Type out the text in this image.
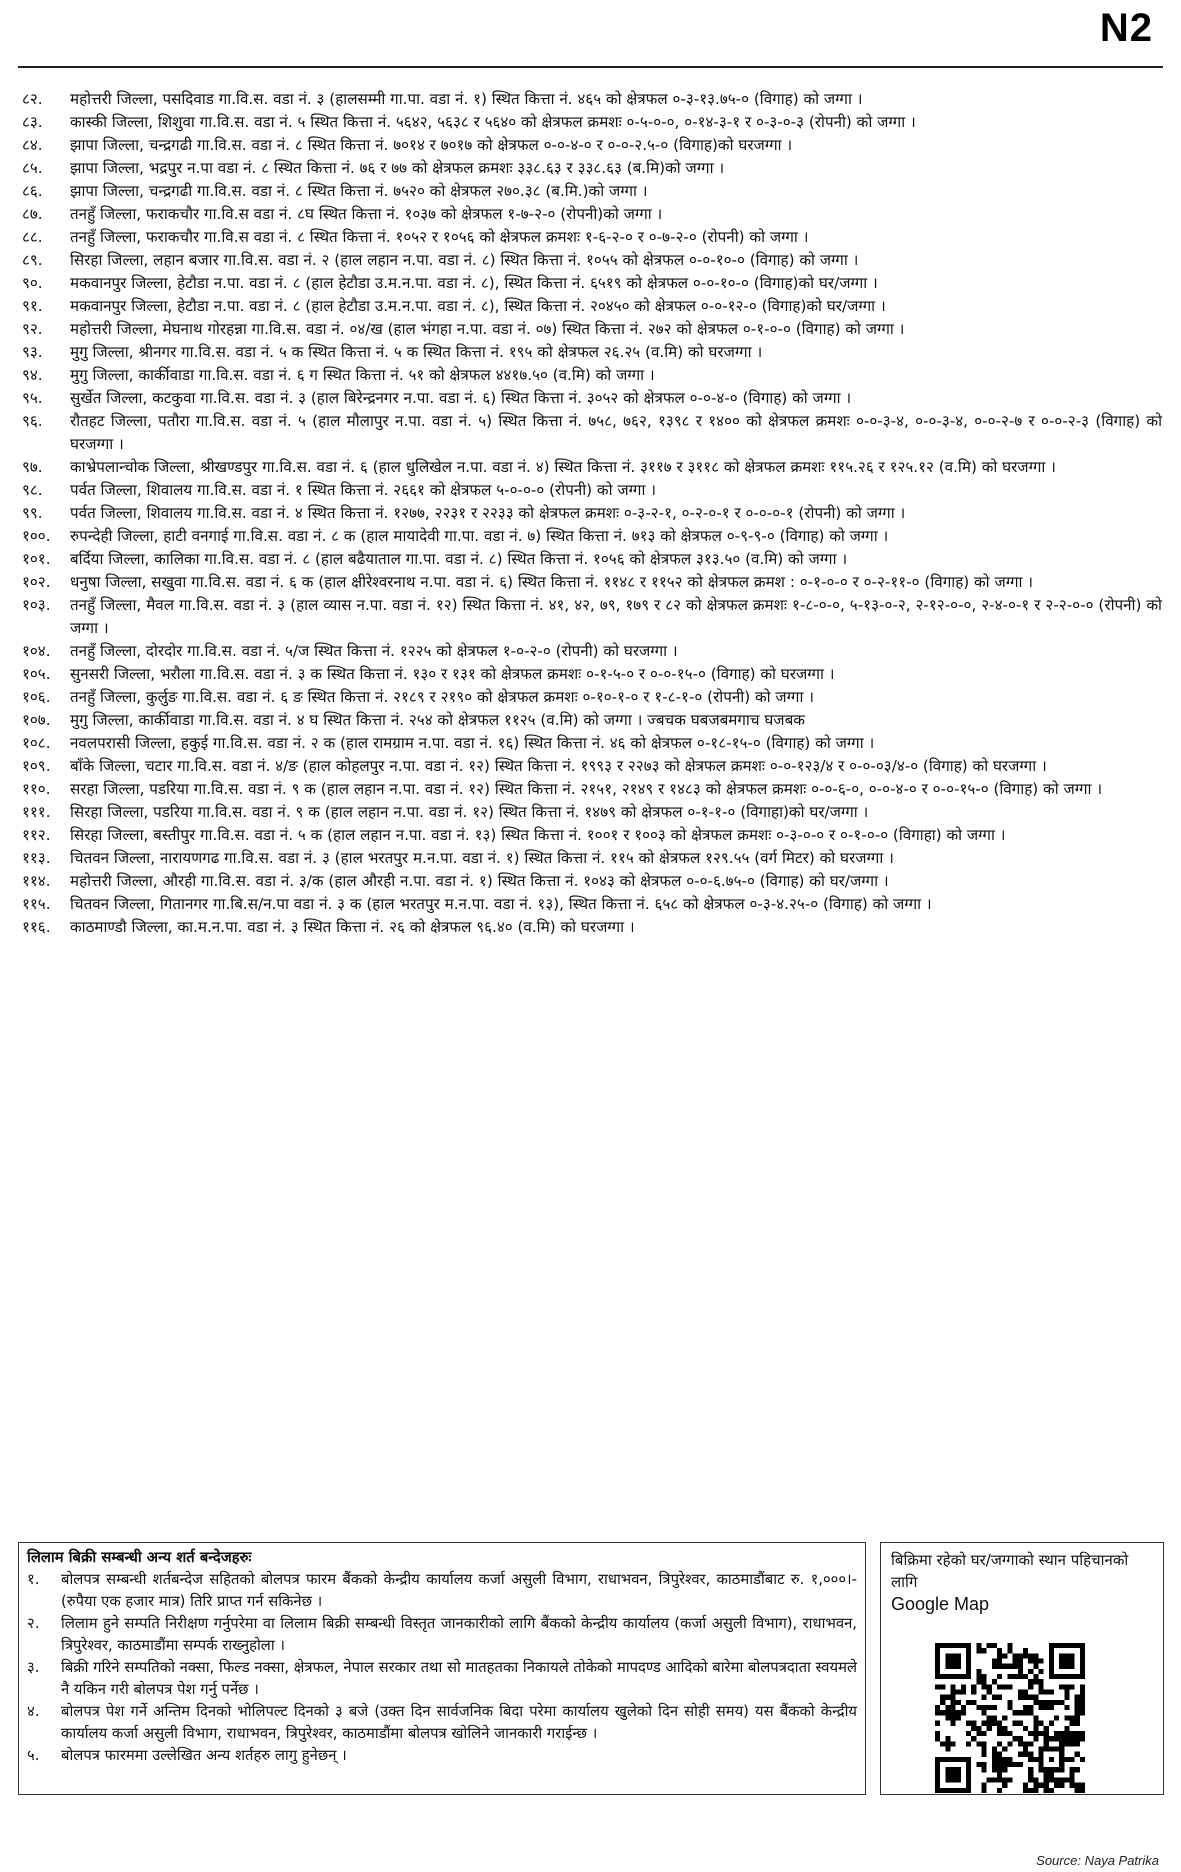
N2
८२.	महोत्तरी जिल्ला, पसदिवाड गा.वि.स. वडा नं. ३ (हालसम्मी गा.पा. वडा नं. १) स्थित कित्ता नं. ४६५ को क्षेत्रफल ०-३-१३.७५-० (विगाह) को जग्गा ।
८३.	कास्की जिल्ला, शिशुवा गा.वि.स. वडा नं. ५ स्थित कित्ता नं. ५६४२, ५६३८ र ५६४० को क्षेत्रफल क्रमशः ०-५-०-०, ०-१४-३-१ र ०-३-०-३ (रोपनी) को जग्गा ।
८४.	झापा जिल्ला, चन्द्रगढी गा.वि.स. वडा नं. ८ स्थित कित्ता नं. ७०१४ र ७०१७ को क्षेत्रफल ०-०-४-० र ०-०-२.५-० (विगाह)को घरजग्गा ।
८५.	झापा जिल्ला, भद्रपुर न.पा वडा नं. ८ स्थित कित्ता नं. ७६ र ७७ को क्षेत्रफल क्रमशः ३३८.६३ र ३३८.६३ (ब.मि)को जग्गा ।
८६.	झापा जिल्ला, चन्द्रगढी गा.वि.स. वडा नं. ८ स्थित कित्ता नं. ७५२० को क्षेत्रफल २७०.३८ (ब.मि.)को जग्गा ।
८७.	तनहुँ जिल्ला, फराकचौर गा.वि.स वडा नं. ८घ स्थित कित्ता नं. १०३७ को क्षेत्रफल १-७-२-० (रोपनी)को जग्गा ।
८८.	तनहुँ जिल्ला, फराकचौर गा.वि.स वडा नं. ८ स्थित कित्ता नं. १०५२ र १०५६ को क्षेत्रफल क्रमशः १-६-२-० र ०-७-२-० (रोपनी) को जग्गा ।
८९.	सिरहा जिल्ला, लहान बजार गा.वि.स. वडा नं. २ (हाल लहान न.पा. वडा नं. ८) स्थित कित्ता नं. १०५५ को क्षेत्रफल ०-०-१०-० (विगाह) को जग्गा ।
९०.	मकवानपुर जिल्ला, हेटौडा न.पा. वडा नं. ८ (हाल हेटौडा उ.म.न.पा. वडा नं. ८), स्थित कित्ता नं. ६५१९ को क्षेत्रफल ०-०-१०-० (विगाह)को घर/जग्गा ।
९१.	मकवानपुर जिल्ला, हेटौडा न.पा. वडा नं. ८ (हाल हेटौडा उ.म.न.पा. वडा नं. ८), स्थित कित्ता नं. २०४५० को क्षेत्रफल ०-०-१२-० (विगाह)को घर/जग्गा ।
९२.	महोत्तरी जिल्ला, मेघनाथ गोरहन्ना गा.वि.स. वडा नं. ०४/ख (हाल भंगहा न.पा. वडा नं. ०७) स्थित कित्ता नं. २७२ को क्षेत्रफल ०-१-०-० (विगाह) को जग्गा ।
९३.	मुगु जिल्ला, श्रीनगर गा.वि.स. वडा नं. ५ क स्थित कित्ता नं. ५ क स्थित कित्ता नं. १९५ को क्षेत्रफल २६.२५ (व.मि) को घरजग्गा ।
९४.	मुगु जिल्ला, कार्कीवाडा गा.वि.स. वडा नं. ६ ग स्थित कित्ता नं. ५१ को क्षेत्रफल ४४१७.५० (व.मि) को जग्गा ।
९५.	सुर्खेत जिल्ला, कटकुवा गा.वि.स. वडा नं. ३ (हाल बिरेन्द्रनगर न.पा. वडा नं. ६) स्थित कित्ता नं. ३०५२ को क्षेत्रफल ०-०-४-० (विगाह) को जग्गा ।
९६.	रौतहट जिल्ला, पतौरा गा.वि.स. वडा नं. ५ (हाल मौलापुर न.पा. वडा नं. ५) स्थित कित्ता नं. ७५८, ७६२, १३९८ र १४०० को क्षेत्रफल क्रमशः ०-०-३-४, ०-०-३-४, ०-०-२-७ र ०-०-२-३ (विगाह) को घरजग्गा ।
९७.	काभ्रेपलान्चोक जिल्ला, श्रीखण्डपुर गा.वि.स. वडा नं. ६ (हाल धुलिखेल न.पा. वडा नं. ४) स्थित कित्ता नं. ३११७ र ३११८ को क्षेत्रफल क्रमशः ११५.२६ र १२५.१२ (व.मि) को घरजग्गा ।
९८.	पर्वत जिल्ला, शिवालय गा.वि.स. वडा नं. १ स्थित कित्ता नं. २६६१ को क्षेत्रफल ५-०-०-० (रोपनी) को जग्गा ।
९९.	पर्वत जिल्ला, शिवालय गा.वि.स. वडा नं. ४ स्थित कित्ता नं. १२७७, २२३१ र २२३३ को क्षेत्रफल क्रमशः ०-३-२-१, ०-२-०-१ र ०-०-०-१ (रोपनी) को जग्गा ।
१००.	रुपन्देही जिल्ला, हाटी वनगाई गा.वि.स. वडा नं. ८ क (हाल मायादेवी गा.पा. वडा नं. ७) स्थित कित्ता नं. ७१३ को क्षेत्रफल ०-९-९-० (विगाह) को जग्गा ।
१०१.	बर्दिया जिल्ला, कालिका गा.वि.स. वडा नं. ८ (हाल बढैयाताल गा.पा. वडा नं. ८) स्थित कित्ता नं. १०५६ को क्षेत्रफल ३१३.५० (व.मि) को जग्गा ।
१०२.	धनुषा जिल्ला, सखुवा गा.वि.स. वडा नं. ६ क (हाल क्षीरेश्वरनाथ न.पा. वडा नं. ६) स्थित कित्ता नं. ११४८ र ११५२ को क्षेत्रफल क्रमश : ०-१-०-० र ०-२-११-० (विगाह) को जग्गा ।
१०३.	तनहुँ जिल्ला, मैवल गा.वि.स. वडा नं. ३ (हाल व्यास न.पा. वडा नं. १२) स्थित कित्ता नं. ४१, ४२, ७९, १७९ र ८२ को क्षेत्रफल क्रमशः १-८-०-०, ५-१३-०-२, २-१२-०-०, २-४-०-१ र २-२-०-० (रोपनी) को जग्गा ।
१०४.	तनहुँ जिल्ला, दोरदोर गा.वि.स. वडा नं. ५/ज स्थित कित्ता नं. १२२५ को क्षेत्रफल १-०-२-० (रोपनी) को घरजग्गा ।
१०५.	सुनसरी जिल्ला, भरौला गा.वि.स. वडा नं. ३ क स्थित कित्ता नं. १३० र १३१ को क्षेत्रफल क्रमशः ०-१-५-० र ०-०-१५-० (विगाह) को घरजग्गा ।
१०६.	तनहुँ जिल्ला, कुर्लुङ गा.वि.स. वडा नं. ६ ङ स्थित कित्ता नं. २१८९ र २१९० को क्षेत्रफल क्रमशः ०-१०-१-० र १-८-१-० (रोपनी) को जग्गा ।
१०७.	मुगु जिल्ला, कार्कीवाडा गा.वि.स. वडा नं. ४ घ स्थित कित्ता नं. २५४ को क्षेत्रफल ११२५ (व.मि) को जग्गा । ज्बचक घबजबमगाच घजबक
१०८.	नवलपरासी जिल्ला, हकुई गा.वि.स. वडा नं. २ क (हाल रामग्राम न.पा. वडा नं. १६) स्थित कित्ता नं. ४६ को क्षेत्रफल ०-१८-१५-० (विगाह) को जग्गा ।
१०९.	बाँके जिल्ला, चटार गा.वि.स. वडा नं. ४/ङ (हाल कोहलपुर न.पा. वडा नं. १२) स्थित कित्ता नं. १९९३ र २२७३ को क्षेत्रफल क्रमशः ०-०-१२३/४ र ०-०-०३/४-० (विगाह) को घरजग्गा ।
११०.	सरहा जिल्ला, पडरिया गा.वि.स. वडा नं. ९ क (हाल लहान न.पा. वडा नं. १२) स्थित कित्ता नं. २१५१, २१४९ र १४८३ को क्षेत्रफल क्रमशः ०-०-६-०, ०-०-४-० र ०-०-१५-० (विगाह) को जग्गा ।
१११.	सिरहा जिल्ला, पडरिया गा.वि.स. वडा नं. ९ क (हाल लहान न.पा. वडा नं. १२) स्थित कित्ता नं. १४७९ को क्षेत्रफल ०-१-१-० (विगाहा)को घर/जग्गा ।
११२.	सिरहा जिल्ला, बस्तीपुर गा.वि.स. वडा नं. ५ क (हाल लहान न.पा. वडा नं. १३) स्थित कित्ता नं. १००१ र १००३ को क्षेत्रफल क्रमशः ०-३-०-० र ०-१-०-० (विगाहा) को जग्गा ।
११३.	चितवन जिल्ला, नारायणगढ गा.वि.स. वडा नं. ३ (हाल भरतपुर म.न.पा. वडा नं. १) स्थित कित्ता नं. ११५ को क्षेत्रफल १२९.५५ (वर्ग मिटर) को घरजग्गा ।
११४.	महोत्तरी जिल्ला, औरही गा.वि.स. वडा नं. ३/क (हाल औरही न.पा. वडा नं. १) स्थित कित्ता नं. १०४३ को क्षेत्रफल ०-०-६.७५-० (विगाह) को घर/जग्गा ।
११५.	चितवन जिल्ला, गितानगर गा.बि.स/न.पा वडा नं. ३ क (हाल भरतपुर म.न.पा. वडा नं. १३), स्थित कित्ता नं. ६५८ को क्षेत्रफल ०-३-४.२५-० (विगाह) को जग्गा ।
११६.	काठमाण्डौ जिल्ला, का.म.न.पा. वडा नं. ३ स्थित कित्ता नं. २६ को क्षेत्रफल ९६.४० (व.मि) को घरजग्गा ।
लिलाम बिक्री सम्बन्धी अन्य शर्त बन्देजहरुः
१.	बोलपत्र सम्बन्धी शर्तबन्देज सहितको बोलपत्र फारम बैंकको केन्द्रीय कार्यालय कर्जा असुली विभाग, राधाभवन, त्रिपुरेश्वर, काठमाडौंबाट रु. १,०००।- (रुपैया एक हजार मात्र) तिरि प्राप्त गर्न सकिनेछ ।
२.	लिलाम हुने सम्पति निरीक्षण गर्नुपरेमा वा लिलाम बिक्री सम्बन्धी विस्तृत जानकारीको लागि बैंकको केन्द्रीय कार्यालय (कर्जा असुली विभाग), राधाभवन, त्रिपुरेश्वर, काठमाडौंमा सम्पर्क राख्नुहोला ।
३.	बिक्री गरिने सम्पतिको नक्सा, फिल्ड नक्सा, क्षेत्रफल, नेपाल सरकार तथा सो मातहतका निकायले तोकेको मापदण्ड आदिको बारेमा बोलपत्रदाता स्वयमले नै यकिन गरी बोलपत्र पेश गर्नु पर्नेछ ।
४.	बोलपत्र पेश गर्ने अन्तिम दिनको भोलिपल्ट दिनको ३ बजे (उक्त दिन सार्वजनिक बिदा परेमा कार्यालय खुलेको दिन सोही समय) यस बैंकको केन्द्रीय कार्यालय कर्जा असुली विभाग, राधाभवन, त्रिपुरेश्वर, काठमाडौंमा बोलपत्र खोलिने जानकारी गराईन्छ ।
५.	बोलपत्र फारममा उल्लेखित अन्य शर्तहरु लागु हुनेछन् ।
बिक्रिमा रहेको घर/जग्गाको स्थान पहिचानको लागि
Google Map
Source: Naya Patrika
